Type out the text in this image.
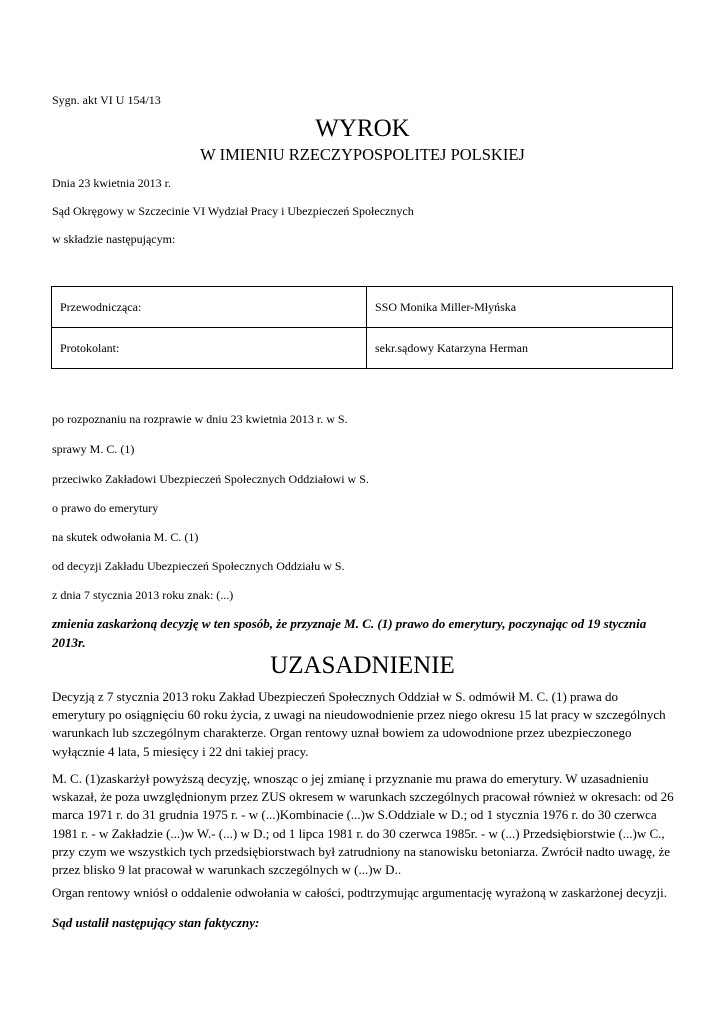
Sygn. akt VI U 154/13
WYROK
W IMIENIU RZECZYPOSPOLITEJ POLSKIEJ
Dnia 23 kwietnia 2013 r.
Sąd Okręgowy w Szczecinie VI Wydział Pracy i Ubezpieczeń Społecznych
w składzie następującym:
Przewodnicząca:	SSO Monika Miller-Młyńska
Protokolant:	sekr.sądowy Katarzyna Herman
po rozpoznaniu na rozprawie w dniu 23 kwietnia 2013 r. w S.
sprawy M. C. (1)
przeciwko Zakładowi Ubezpieczeń Społecznych Oddziałowi w S.
o prawo do emerytury
na skutek odwołania M. C. (1)
od decyzji Zakładu Ubezpieczeń Społecznych Oddziału w S.
z dnia 7 stycznia 2013 roku znak: (...)
zmienia zaskarżoną decyzję w ten sposób, że przyznaje M. C. (1) prawo do emerytury, poczynając od 19 stycznia 2013r.
UZASADNIENIE
Decyzją z 7 stycznia 2013 roku Zakład Ubezpieczeń Społecznych Oddział w S. odmówił M. C. (1) prawa do emerytury po osiągnięciu 60 roku życia, z uwagi na nieudowodnienie przez niego okresu 15 lat pracy w szczególnych warunkach lub szczególnym charakterze. Organ rentowy uznał bowiem za udowodnione przez ubezpieczonego wyłącznie 4 lata, 5 miesięcy i 22 dni takiej pracy.
M. C. (1)zaskarżył powyższą decyzję, wnosząc o jej zmianę i przyznanie mu prawa do emerytury. W uzasadnieniu wskazał, że poza uwzględnionym przez ZUS okresem w warunkach szczególnych pracował również w okresach: od 26 marca 1971 r. do 31 grudnia 1975 r. - w (...)Kombinacie (...)w S.Oddziale w D.; od 1 stycznia 1976 r. do 30 czerwca 1981 r. - w Zakładzie (...)w W.- (...) w D.; od 1 lipca 1981 r. do 30 czerwca 1985r. - w (...) Przedsiębiorstwie (...)w C., przy czym we wszystkich tych przedsiębiorstwach był zatrudniony na stanowisku betoniarza. Zwrócił nadto uwagę, że przez blisko 9 lat pracował w warunkach szczególnych w (...)w D..
Organ rentowy wniósł o oddalenie odwołania w całości, podtrzymując argumentację wyrażoną w zaskarżonej decyzji.
Sąd ustalił następujący stan faktyczny:
